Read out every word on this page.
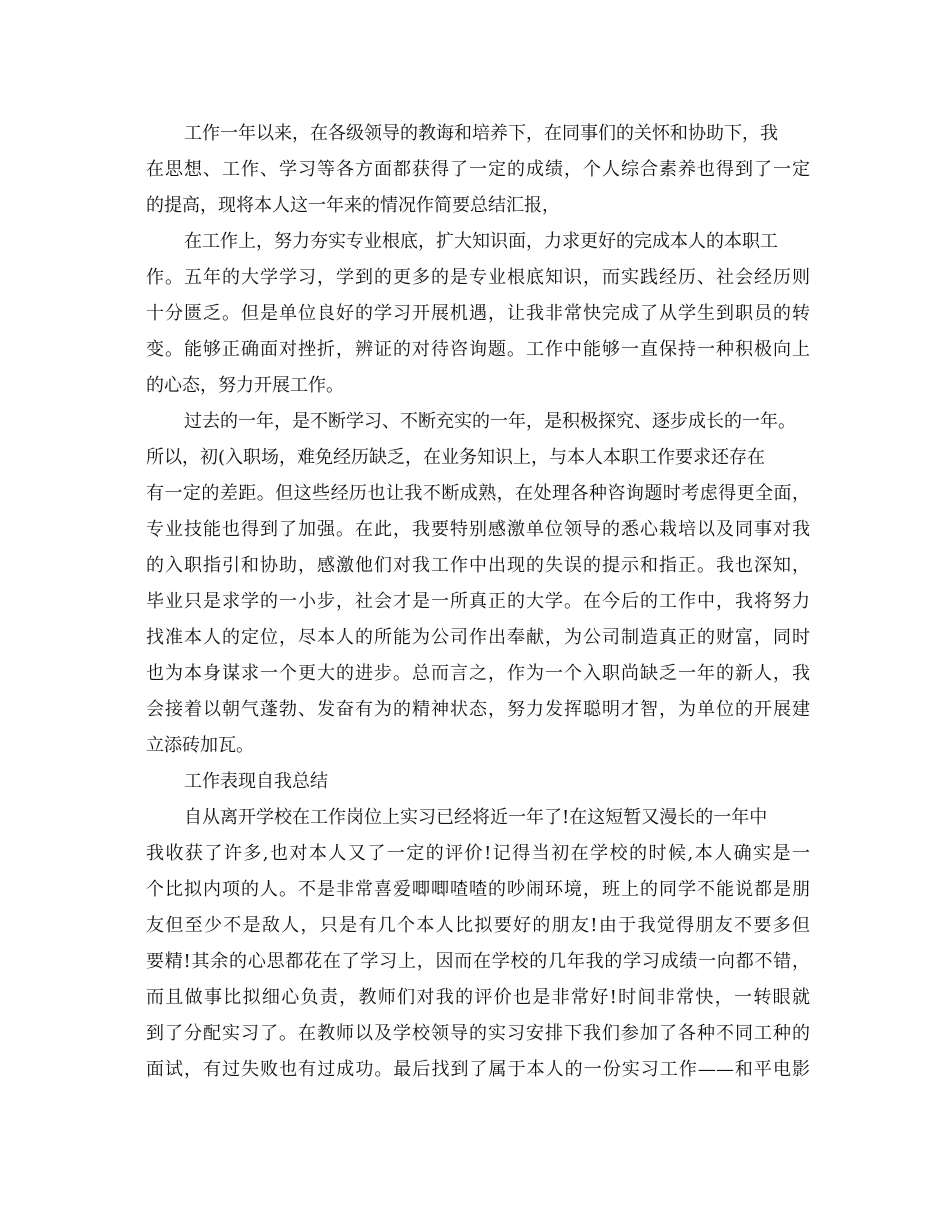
工作一年以来，在各级领导的教诲和培养下，在同事们的关怀和协助下，我
在思想、工作、学习等各方面都获得了一定的成绩，个人综合素养也得到了一定
的提高，现将本人这一年来的情况作简要总结汇报，
在工作上，努力夯实专业根底，扩大知识面，力求更好的完成本人的本职工
作。五年的大学学习，学到的更多的是专业根底知识，而实践经历、社会经历则
十分匮乏。但是单位良好的学习开展机遇，让我非常快完成了从学生到职员的转
变。能够正确面对挫折，辨证的对待咨询题。工作中能够一直保持一种积极向上
的心态，努力开展工作。
过去的一年，是不断学习、不断充实的一年，是积极探究、逐步成长的一年。
所以，初(入职场，难免经历缺乏，在业务知识上，与本人本职工作要求还存在
有一定的差距。但这些经历也让我不断成熟，在处理各种咨询题时考虑得更全面，
专业技能也得到了加强。在此，我要特别感激单位领导的悉心栽培以及同事对我
的入职指引和协助，感激他们对我工作中出现的失误的提示和指正。我也深知，
毕业只是求学的一小步，社会才是一所真正的大学。在今后的工作中，我将努力
找准本人的定位，尽本人的所能为公司作出奉献，为公司制造真正的财富，同时
也为本身谋求一个更大的进步。总而言之，作为一个入职尚缺乏一年的新人，我
会接着以朝气蓬勃、发奋有为的精神状态，努力发挥聪明才智，为单位的开展建
立添砖加瓦。
工作表现自我总结
自从离开学校在工作岗位上实习已经将近一年了!在这短暂又漫长的一年中
我收获了许多,也对本人又了一定的评价!记得当初在学校的时候,本人确实是一
个比拟内项的人。不是非常喜爱唧唧喳喳的吵闹环境，班上的同学不能说都是朋
友但至少不是敌人，只是有几个本人比拟要好的朋友!由于我觉得朋友不要多但
要精!其余的心思都花在了学习上，因而在学校的几年我的学习成绩一向都不错，
而且做事比拟细心负责，教师们对我的评价也是非常好!时间非常快，一转眼就
到了分配实习了。在教师以及学校领导的实习安排下我们参加了各种不同工种的
面试，有过失败也有过成功。最后找到了属于本人的一份实习工作——和平电影
